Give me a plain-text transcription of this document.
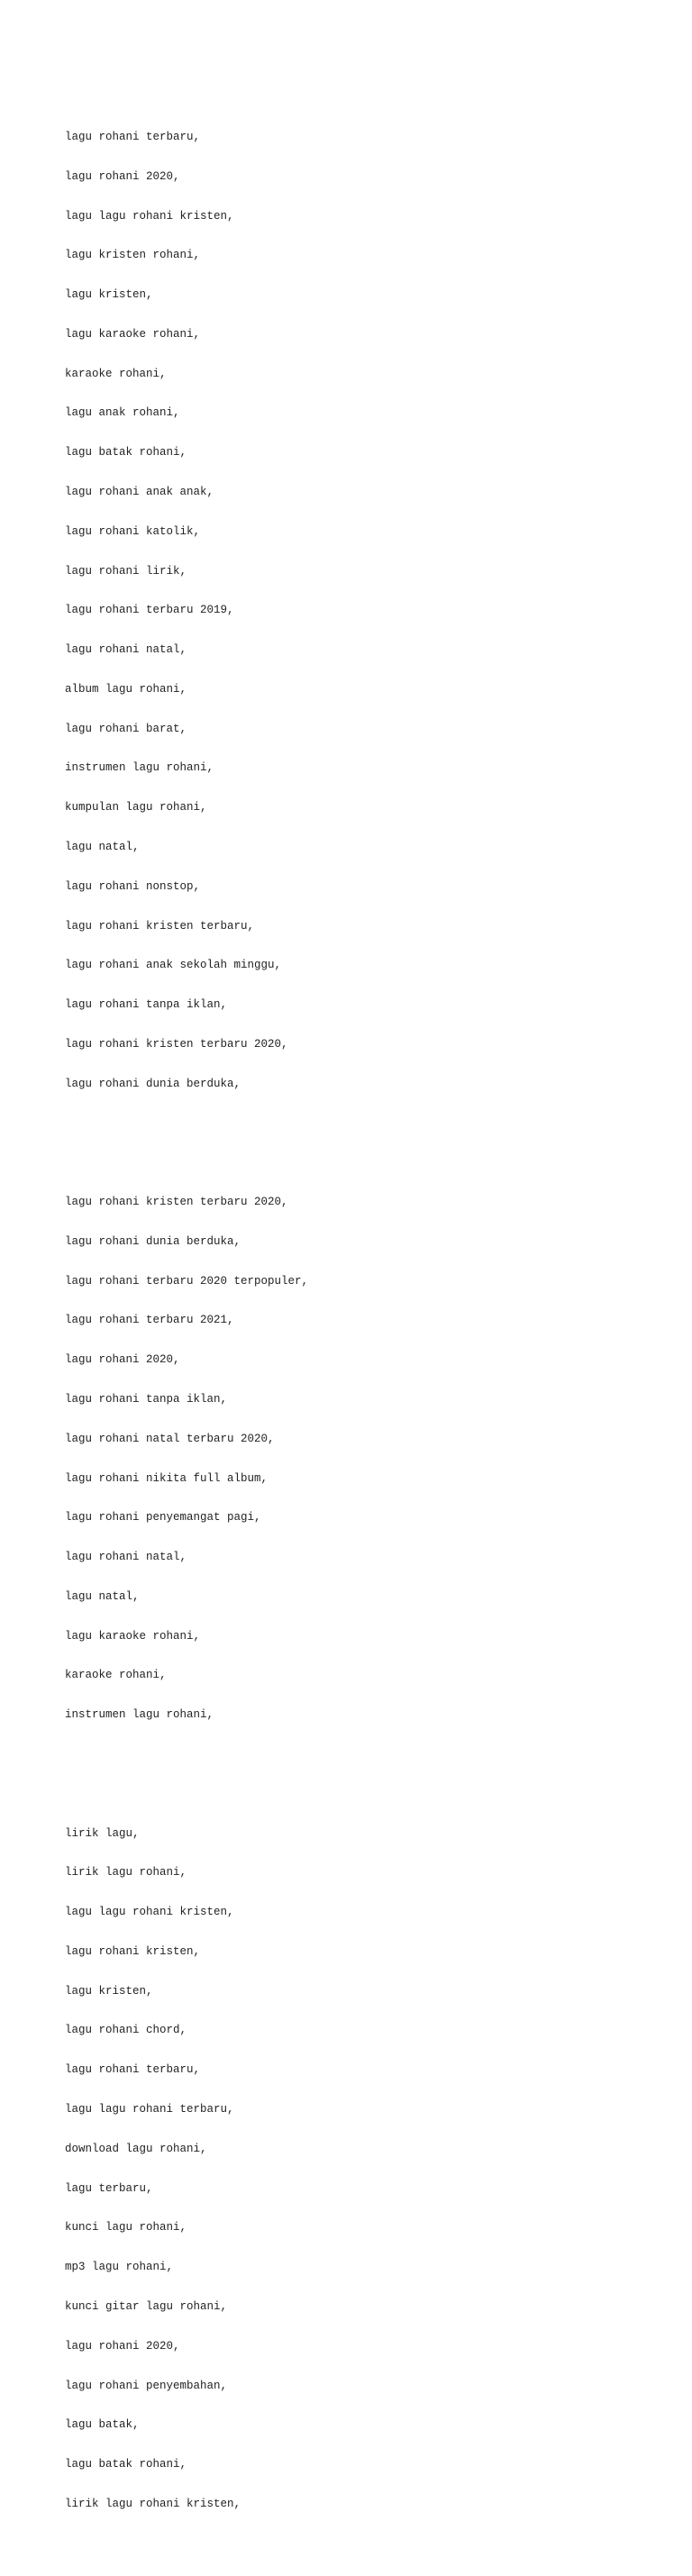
lagu rohani terbaru,

lagu rohani 2020,

lagu lagu rohani kristen,

lagu kristen rohani,

lagu kristen,

lagu karaoke rohani,

karaoke rohani,

lagu anak rohani,

lagu batak rohani,

lagu rohani anak anak,

lagu rohani katolik,

lagu rohani lirik,

lagu rohani terbaru 2019,

lagu rohani natal,

album lagu rohani,

lagu rohani barat,

instrumen lagu rohani,

kumpulan lagu rohani,

lagu natal,

lagu rohani nonstop,

lagu rohani kristen terbaru,

lagu rohani anak sekolah minggu,

lagu rohani tanpa iklan,

lagu rohani kristen terbaru 2020,

lagu rohani dunia berduka,

lagu rohani kristen terbaru 2020,

lagu rohani dunia berduka,

lagu rohani terbaru 2020 terpopuler,

lagu rohani terbaru 2021,

lagu rohani 2020,

lagu rohani tanpa iklan,

lagu rohani natal terbaru 2020,

lagu rohani nikita full album,

lagu rohani penyemangat pagi,

lagu rohani natal,

lagu natal,

lagu karaoke rohani,

karaoke rohani,

instrumen lagu rohani,

lirik lagu,

lirik lagu rohani,

lagu lagu rohani kristen,

lagu rohani kristen,

lagu kristen,

lagu rohani chord,

lagu rohani terbaru,

lagu lagu rohani terbaru,

download lagu rohani,

lagu terbaru,

kunci lagu rohani,

mp3 lagu rohani,

kunci gitar lagu rohani,

lagu rohani 2020,

lagu rohani penyembahan,

lagu batak,

lagu batak rohani,

lirik lagu rohani kristen,
